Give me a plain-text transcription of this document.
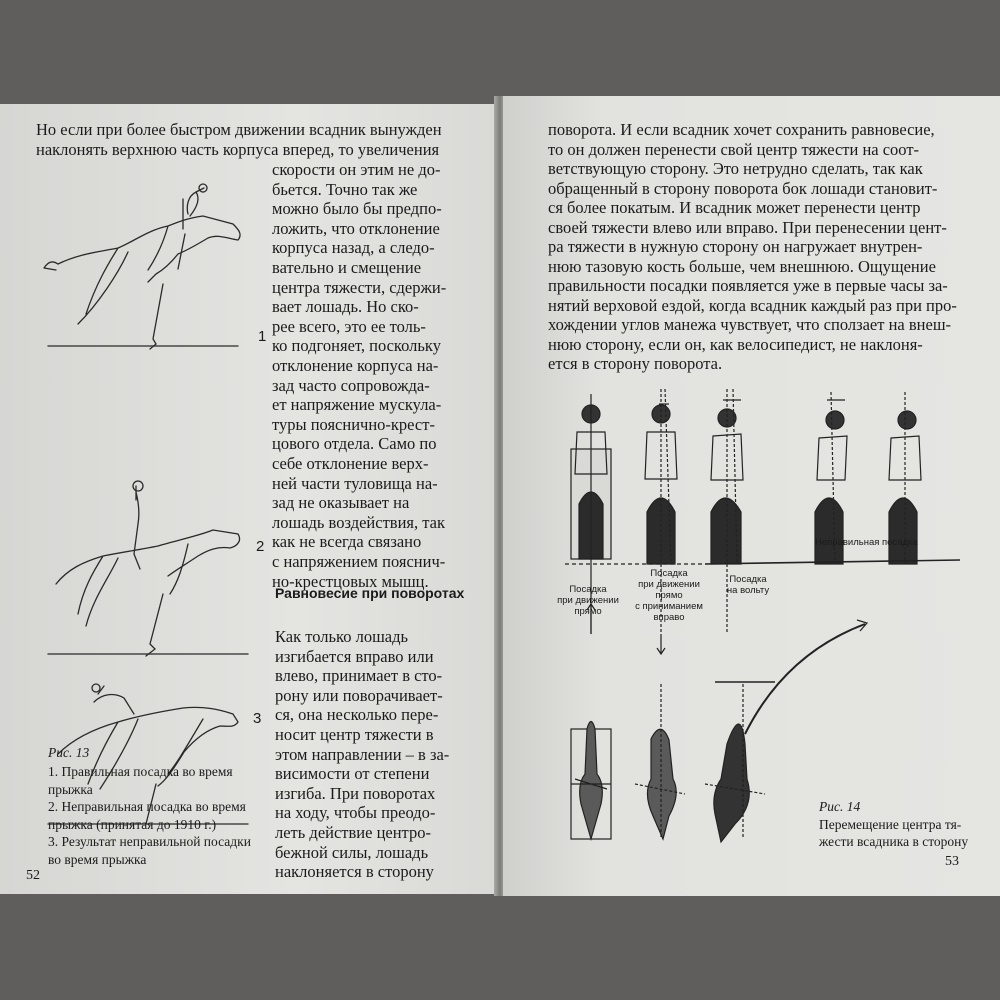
Но если при более быстром движении всадник вынужден
наклонять верхнюю часть корпуса вперед, то увеличения
скорости он этим не до-
бьется. Точно так же
можно было бы предпо-
ложить, что отклонение
корпуса назад, а следо-
вательно и смещение
центра тяжести, сдержи-
вает лошадь. Но ско-
рее всего, это ее толь-
ко подгоняет, поскольку
отклонение корпуса на-
зад часто сопровожда-
ет напряжение мускула-
туры пояснично-крест-
цового отдела. Само по
себе отклонение верх-
ней части туловища на-
зад не оказывает на
лошадь воздействия, так
как не всегда связано
с напряжением пояснич-
но-крестцовых мышц.
Равновесие при поворотах
Как только лошадь
изгибается вправо или
влево, принимает в сто-
рону или поворачивает-
ся, она несколько пере-
носит центр тяжести в
этом направлении – в за-
висимости от степени
изгиба. При поворотах
на ходу, чтобы преодо-
леть действие центро-
бежной силы, лошадь
наклоняется в сторону
1
2
3
Рис. 13
1. Правильная посадка во время
прыжка
2. Неправильная посадка во время
прыжка (принятая до 1910 г.)
3. Результат неправильной посадки
во время прыжка
52
поворота. И если всадник хочет сохранить равновесие,
то он должен перенести свой центр тяжести на соот-
ветствующую сторону. Это нетрудно сделать, так как
обращенный в сторону поворота бок лошади становит-
ся более покатым. И всадник может перенести центр
своей тяжести влево или вправо. При перенесении цент-
ра тяжести в нужную сторону он нагружает внутрен-
нюю тазовую кость больше, чем внешнюю. Ощущение
правильности посадки появляется уже в первые часы за-
нятий верховой ездой, когда всадник каждый раз при про-
хождении углов манежа чувствует, что сползает на внеш-
нюю сторону, если он, как велосипедист, не наклоня-
ется в сторону поворота.
Неправильная посадка
Посадка
при движении
прямо
Посадка
при движении
прямо
с приниманием
вправо
Посадка
на вольту
Рис. 14
Перемещение центра тя-
жести всадника в сторону
53
